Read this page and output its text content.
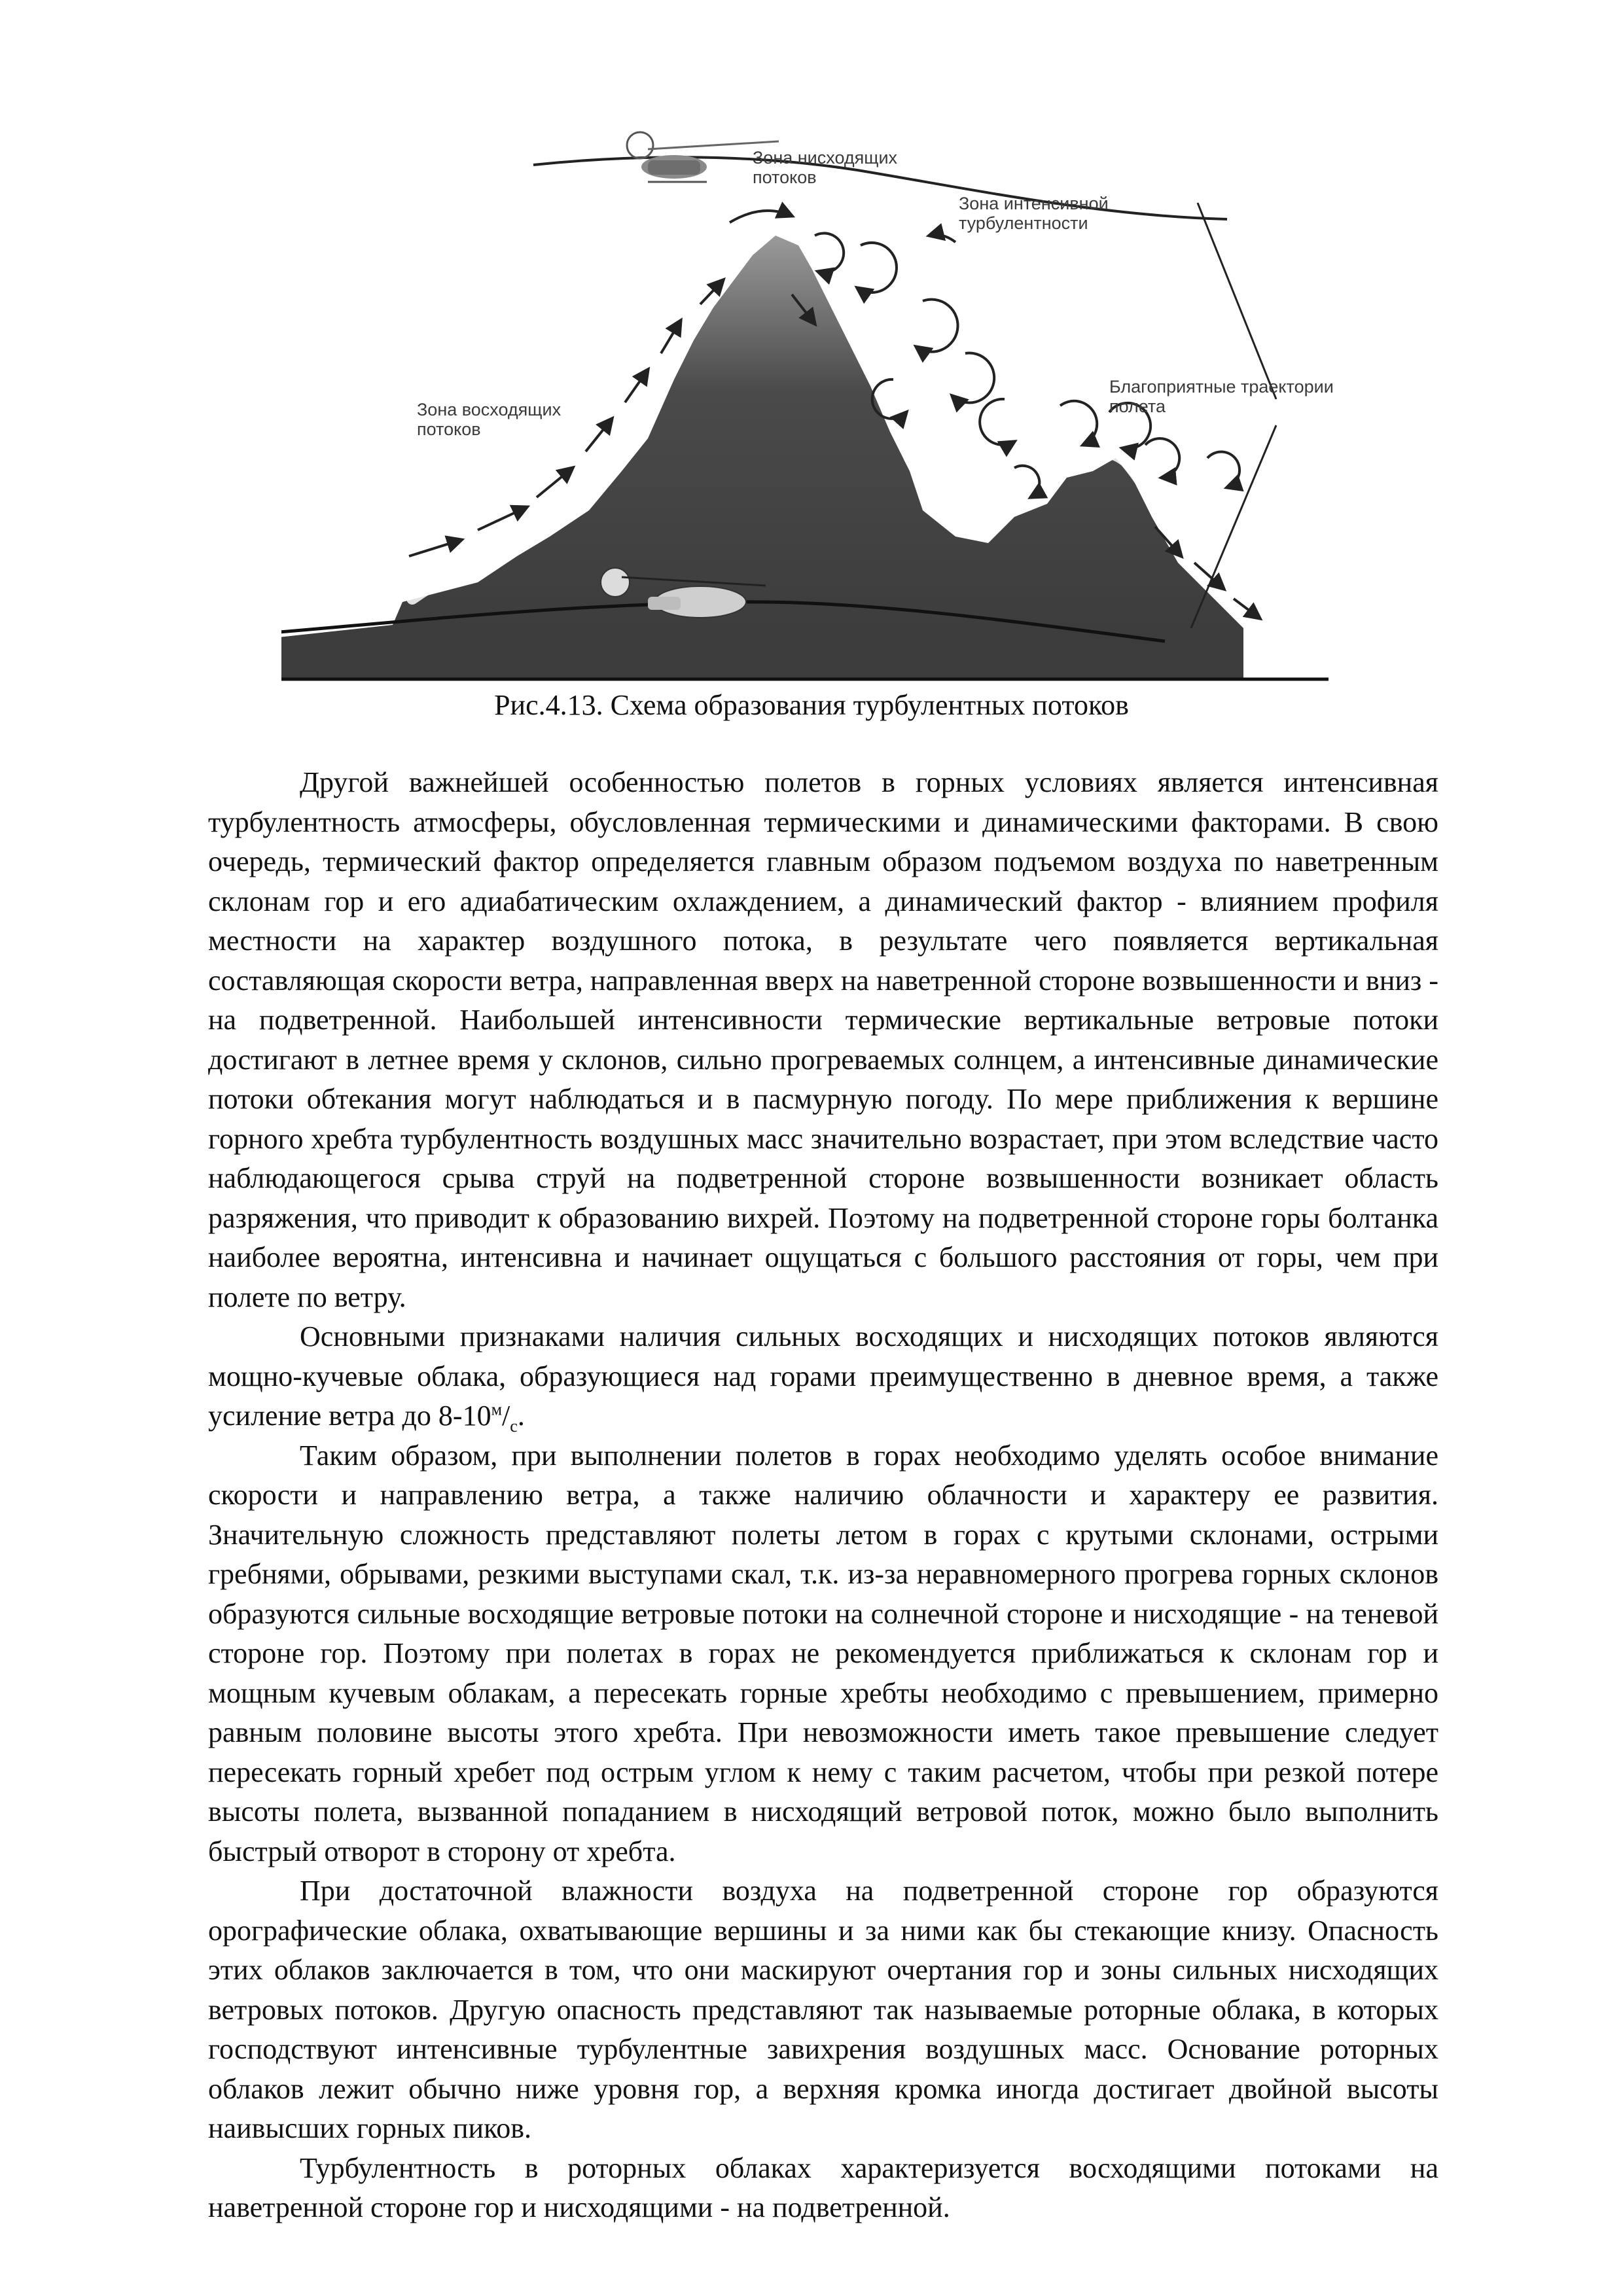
Зона нисходящих потоков
Зона интенсивной турбулентности
Зона восходящих потоков
Благоприятные траектории полета
Рис.4.13. Схема образования турбулентных потоков

Другой важнейшей особенностью полетов в горных условиях является интенсивная турбулентность атмосферы, обусловленная термическими и динамическими факторами. В свою очередь, термический фактор определяется главным образом подъемом воздуха по наветренным склонам гор и его адиабатическим охлаждением, а динамический фактор - влиянием профиля местности на характер воздушного потока, в результате чего появляется вертикальная составляющая скорости ветра, направленная вверх на наветренной стороне возвышенности и вниз - на подветренной. Наибольшей интенсивности термические вертикальные ветровые потоки достигают в летнее время у склонов, сильно прогреваемых солнцем, а интенсивные динамические потоки обтекания могут наблюдаться и в пасмурную погоду. По мере приближения к вершине горного хребта турбулентность воздушных масс значительно возрастает, при этом вследствие часто наблюдающегося срыва струй на подветренной стороне возвышенности возникает область разряжения, что приводит к образованию вихрей. Поэтому на подветренной стороне горы болтанка наиболее вероятна, интенсивна и начинает ощущаться с большого расстояния от горы, чем при полете по ветру.

Основными признаками наличия сильных восходящих и нисходящих потоков являются мощно-кучевые облака, образующиеся над горами преимущественно в дневное время, а также усиление ветра до $8-10^м/_с$.

Таким образом, при выполнении полетов в горах необходимо уделять особое внимание скорости и направлению ветра, а также наличию облачности и характеру ее развития. Значительную сложность представляют полеты летом в горах с крутыми склонами, острыми гребнями, обрывами, резкими выступами скал, т.к. из-за неравномерного прогрева горных склонов образуются сильные восходящие ветровые потоки на солнечной стороне и нисходящие - на теневой стороне гор. Поэтому при полетах в горах не рекомендуется приближаться к склонам гор и мощным кучевым облакам, а пересекать горные хребты необходимо с превышением, примерно равным половине высоты этого хребта. При невозможности иметь такое превышение следует пересекать горный хребет под острым углом к нему с таким расчетом, чтобы при резкой потере высоты полета, вызванной попаданием в нисходящий ветровой поток, можно было выполнить быстрый отворот в сторону от хребта.

При достаточной влажности воздуха на подветренной стороне гор образуются орографические облака, охватывающие вершины и за ними как бы стекающие книзу. Опасность этих облаков заключается в том, что они маскируют очертания гор и зоны сильных нисходящих ветровых потоков. Другую опасность представляют так называемые роторные облака, в которых господствуют интенсивные турбулентные завихрения воздушных масс. Основание роторных облаков лежит обычно ниже уровня гор, а верхняя кромка иногда достигает двойной высоты наивысших горных пиков.

Турбулентность в роторных облаках характеризуется восходящими потоками на наветренной стороне гор и нисходящими - на подветренной.
